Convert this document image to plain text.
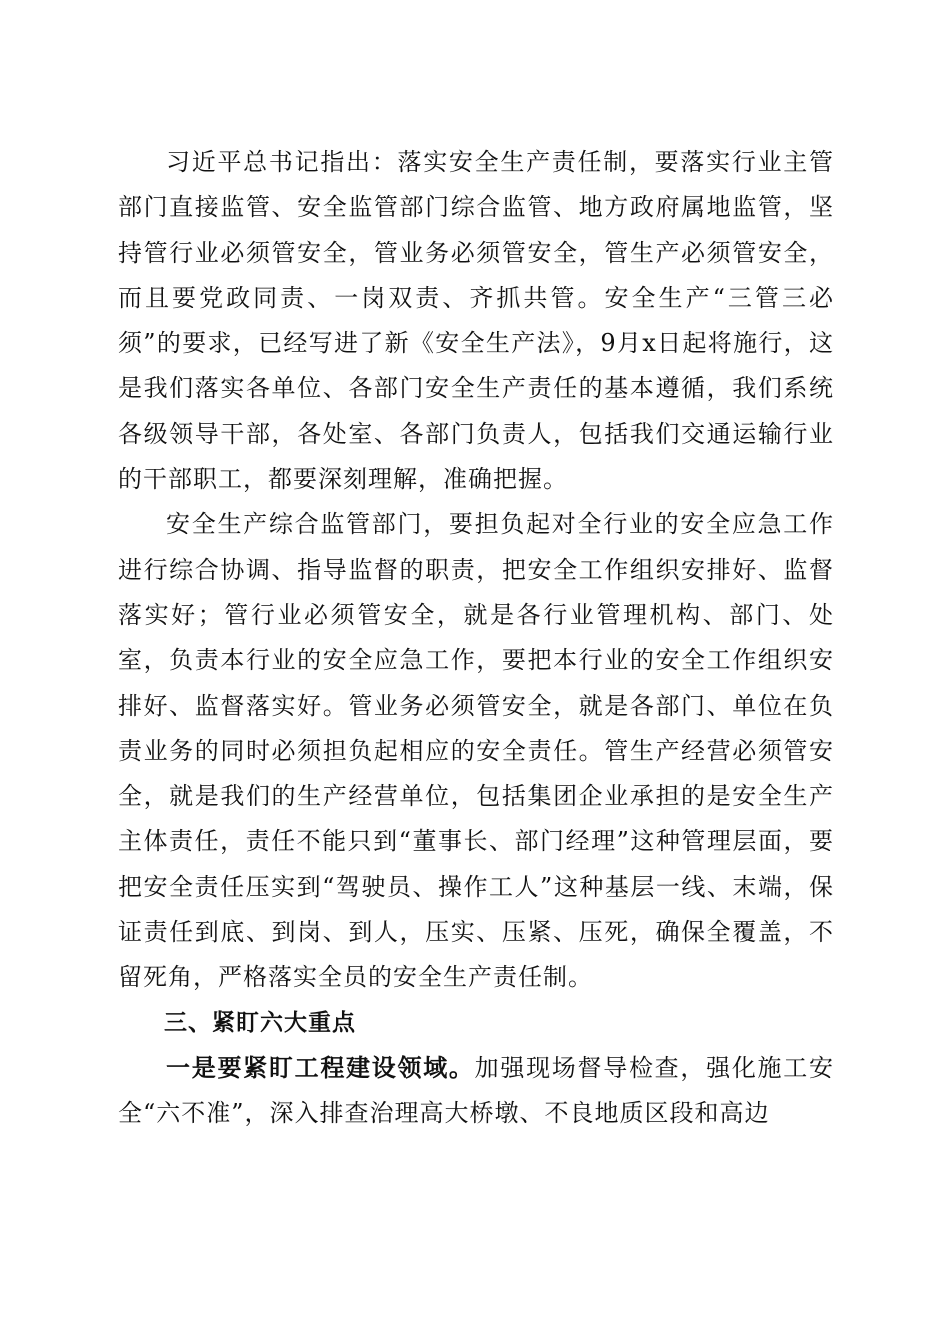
习近平总书记指出：落实安全生产责任制，要落实行业主管部门直接监管、安全监管部门综合监管、地方政府属地监管，坚持管行业必须管安全，管业务必须管安全，管生产必须管安全，而且要党政同责、一岗双责、齐抓共管。安全生产“三管三必须”的要求，已经写进了新《安全生产法》，9月x日起将施行，这是我们落实各单位、各部门安全生产责任的基本遵循，我们系统各级领导干部，各处室、各部门负责人，包括我们交通运输行业的干部职工，都要深刻理解，准确把握。

安全生产综合监管部门，要担负起对全行业的安全应急工作进行综合协调、指导监督的职责，把安全工作组织安排好、监督落实好；管行业必须管安全，就是各行业管理机构、部门、处室，负责本行业的安全应急工作，要把本行业的安全工作组织安排好、监督落实好。管业务必须管安全，就是各部门、单位在负责业务的同时必须担负起相应的安全责任。管生产经营必须管安全，就是我们的生产经营单位，包括集团企业承担的是安全生产主体责任，责任不能只到“董事长、部门经理”这种管理层面，要把安全责任压实到“驾驶员、操作工人”这种基层一线、末端，保证责任到底、到岗、到人，压实、压紧、压死，确保全覆盖，不留死角，严格落实全员的安全生产责任制。

三、紧盯六大重点

一是要紧盯工程建设领域。加强现场督导检查，强化施工安全“六不准”，深入排查治理高大桥墩、不良地质区段和高边
